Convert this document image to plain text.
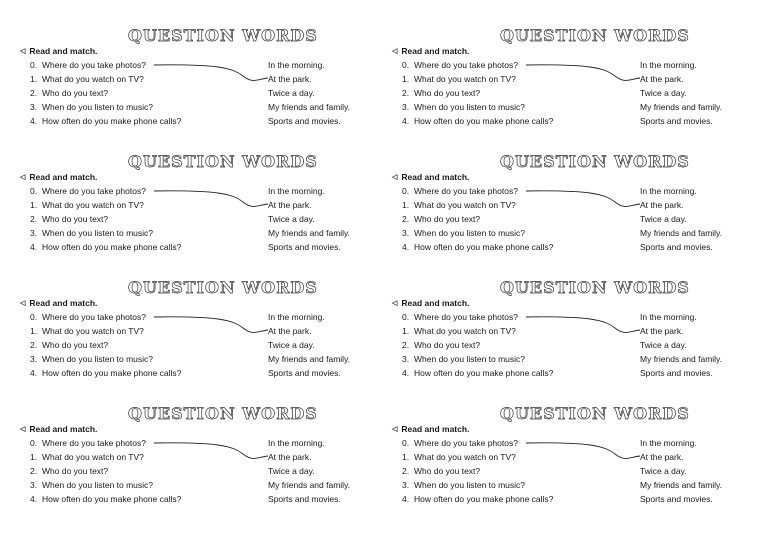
QUESTION WORDS
◁ Read and match.
0. Where do you take photos?	In the morning.
1. What do you watch on TV?	At the park.
2. Who do you text?	Twice a day.
3. When do you listen to music?	My friends and family.
4. How often do you make phone calls?	Sports and movies.
QUESTION WORDS
◁ Read and match.
0. Where do you take photos?	In the morning.
1. What do you watch on TV?	At the park.
2. Who do you text?	Twice a day.
3. When do you listen to music?	My friends and family.
4. How often do you make phone calls?	Sports and movies.
QUESTION WORDS
◁ Read and match.
0. Where do you take photos?	In the morning.
1. What do you watch on TV?	At the park.
2. Who do you text?	Twice a day.
3. When do you listen to music?	My friends and family.
4. How often do you make phone calls?	Sports and movies.
QUESTION WORDS
◁ Read and match.
0. Where do you take photos?	In the morning.
1. What do you watch on TV?	At the park.
2. Who do you text?	Twice a day.
3. When do you listen to music?	My friends and family.
4. How often do you make phone calls?	Sports and movies.
QUESTION WORDS
◁ Read and match.
0. Where do you take photos?	In the morning.
1. What do you watch on TV?	At the park.
2. Who do you text?	Twice a day.
3. When do you listen to music?	My friends and family.
4. How often do you make phone calls?	Sports and movies.
QUESTION WORDS
◁ Read and match.
0. Where do you take photos?	In the morning.
1. What do you watch on TV?	At the park.
2. Who do you text?	Twice a day.
3. When do you listen to music?	My friends and family.
4. How often do you make phone calls?	Sports and movies.
QUESTION WORDS
◁ Read and match.
0. Where do you take photos?	In the morning.
1. What do you watch on TV?	At the park.
2. Who do you text?	Twice a day.
3. When do you listen to music?	My friends and family.
4. How often do you make phone calls?	Sports and movies.
QUESTION WORDS
◁ Read and match.
0. Where do you take photos?	In the morning.
1. What do you watch on TV?	At the park.
2. Who do you text?	Twice a day.
3. When do you listen to music?	My friends and family.
4. How often do you make phone calls?	Sports and movies.
